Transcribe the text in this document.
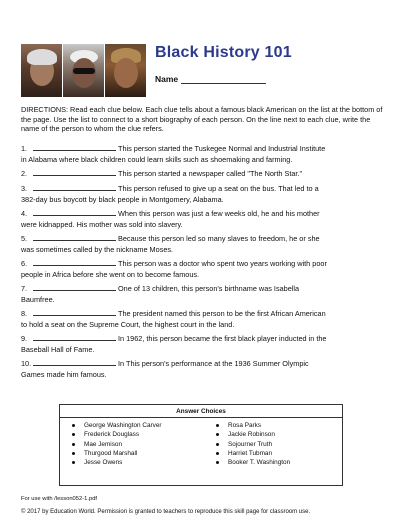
Black History 101
Name

DIRECTIONS: Read each clue below. Each clue tells about a famous black American on the list at the bottom of the page. Use the list to connect to a short biography of each person. On the line next to each clue, write the name of the person to whom the clue refers.

1.	This person started the Tuskegee Normal and Industrial Institute
in Alabama where black children could learn skills such as shoemaking and farming.
2.	This person started a newspaper called "The North Star."
3.	This person refused to give up a seat on the bus. That led to a
382-day bus boycott by black people in Montgomery, Alabama.
4.	When this person was just a few weeks old, he and his mother
were kidnapped. His mother was sold into slavery.
5.	Because this person led so many slaves to freedom, he or she
was sometimes called by the nickname Moses.
6.	This person was a doctor who spent two years working with poor
people in Africa before she went on to become famous.
7.	One of 13 children, this person's birthname was Isabella
Baumfree.
8.	The president named this person to be the first African American
to hold a seat on the Supreme Court, the highest court in the land.
9.	In 1962, this person became the first black player inducted in the
Baseball Hall of Fame.
10.	In This person's performance at the 1936 Summer Olympic
Games made him famous.
Answer Choices
George Washington Carver
Frederick Douglass
Mae Jemison
Thurgood Marshall
Jesse Owens
Rosa Parks
Jackie Robinson
Sojourner Truth
Harriet Tubman
Booker T. Washington
For use with /lesson052-1.pdf
© 2017 by Education World. Permission is granted to teachers to reproduce this skill page for classroom use.
